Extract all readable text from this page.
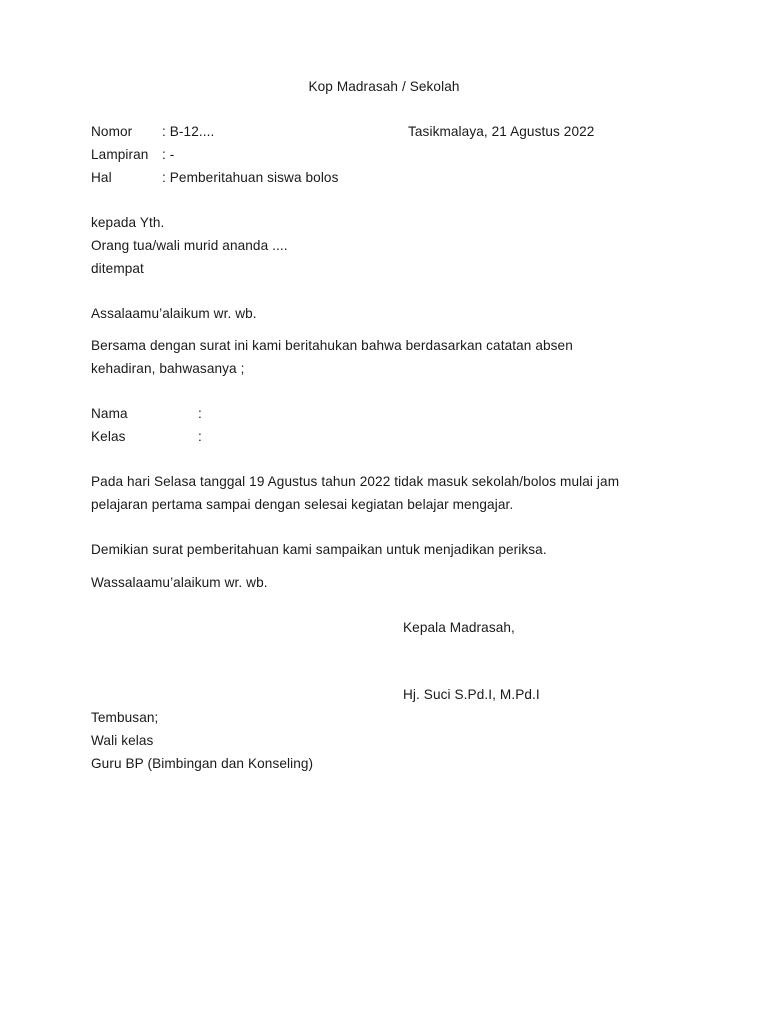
Kop Madrasah / Sekolah
Nomor : B-12....	Tasikmalaya, 21 Agustus 2022
Lampiran : -
Hal	: Pemberitahuan siswa bolos
kepada Yth.
Orang tua/wali murid ananda ....
ditempat
Assalaamu’alaikum wr. wb.
Bersama dengan surat ini kami beritahukan bahwa berdasarkan catatan absen
kehadiran, bahwasanya ;
Nama	:
Kelas	:
Pada hari Selasa tanggal 19 Agustus tahun 2022 tidak masuk sekolah/bolos mulai jam
pelajaran pertama sampai dengan selesai kegiatan belajar mengajar.
Demikian surat pemberitahuan kami sampaikan untuk menjadikan periksa.
Wassalaamu’alaikum wr. wb.
Kepala Madrasah,
Hj. Suci S.Pd.I, M.Pd.I
Tembusan;
Wali kelas
Guru BP (Bimbingan dan Konseling)
